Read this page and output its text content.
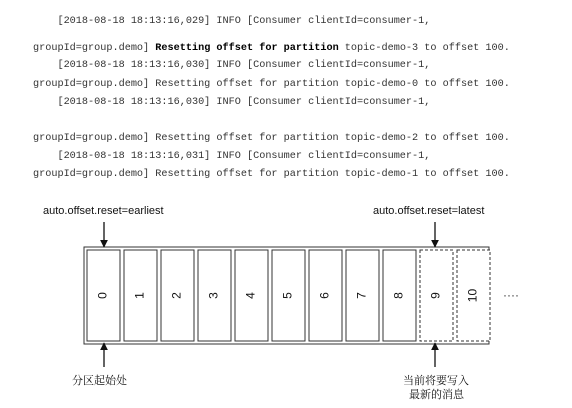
[2018-08-18 18:13:16,029] INFO [Consumer clientId=consumer-1,
groupId=group.demo] Resetting offset for partition topic-demo-3 to offset 100.
[2018-08-18 18:13:16,030] INFO [Consumer clientId=consumer-1,
groupId=group.demo] Resetting offset for partition topic-demo-0 to offset 100.
[2018-08-18 18:13:16,030] INFO [Consumer clientId=consumer-1,
groupId=group.demo] Resetting offset for partition topic-demo-2 to offset 100.
[2018-08-18 18:13:16,031] INFO [Consumer clientId=consumer-1,
groupId=group.demo] Resetting offset for partition topic-demo-1 to offset 100.
auto.offset.reset=earliest	auto.offset.reset=latest
分区起始处	当前将要写入
最新的消息
0 1 2 3 4 5 6 7 8 9 10 ····
